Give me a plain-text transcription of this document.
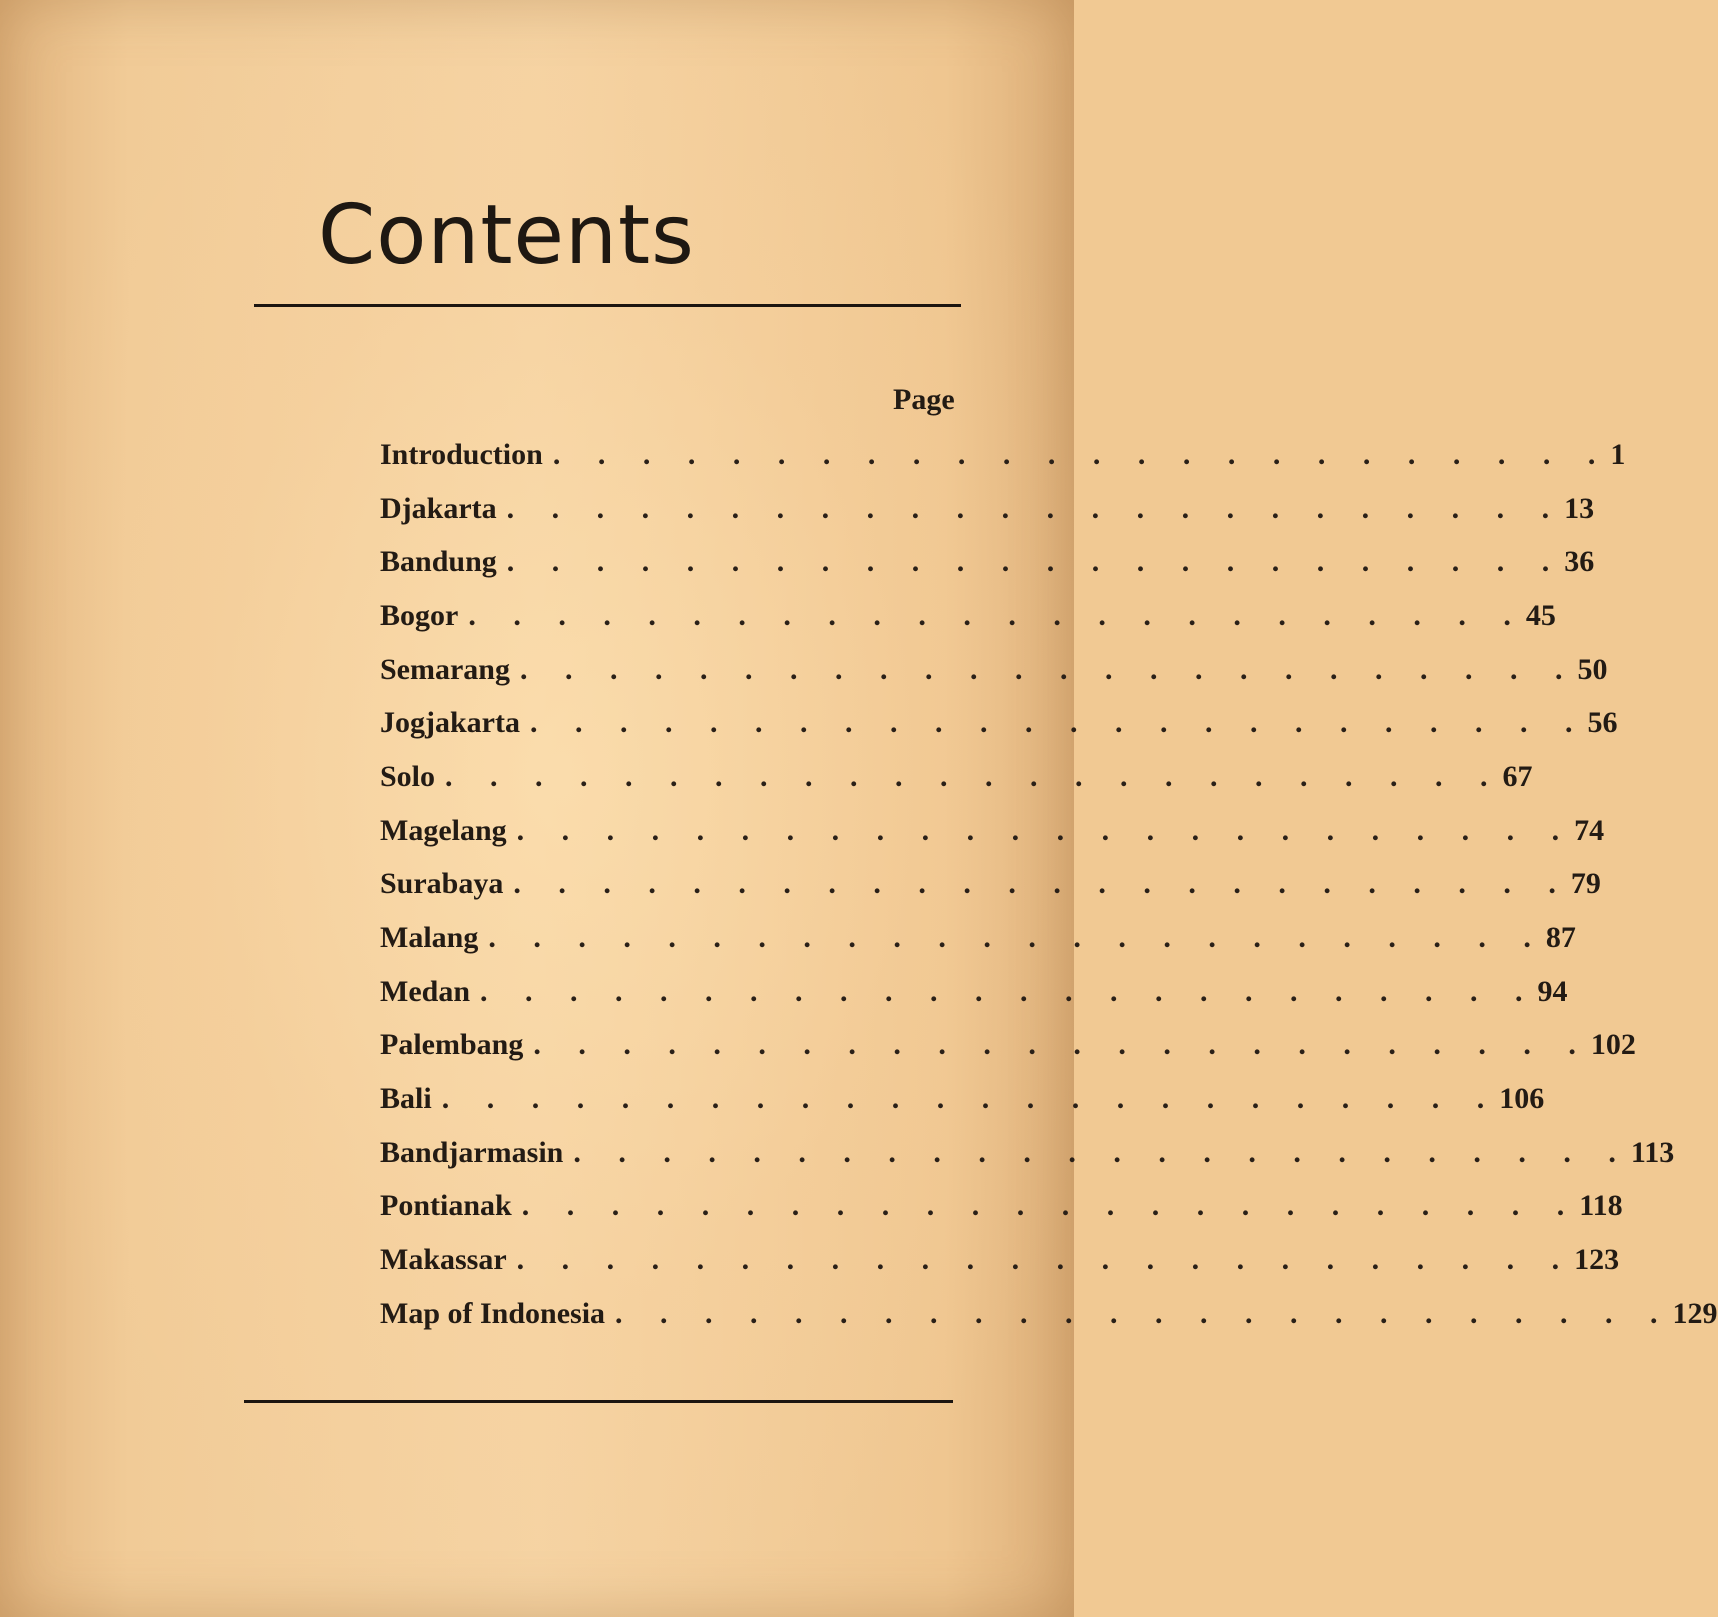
Contents
Page
Introduction . . . . . . . . . . . . . . . . . . . . . . . . 1
Djakarta . . . . . . . . . . . . . . . . . . . . . . . . 13
Bandung . . . . . . . . . . . . . . . . . . . . . . . . 36
Bogor . . . . . . . . . . . . . . . . . . . . . . . . 45
Semarang . . . . . . . . . . . . . . . . . . . . . . . . 50
Jogjakarta . . . . . . . . . . . . . . . . . . . . . . . . 56
Solo . . . . . . . . . . . . . . . . . . . . . . . . 67
Magelang . . . . . . . . . . . . . . . . . . . . . . . . 74
Surabaya . . . . . . . . . . . . . . . . . . . . . . . . 79
Malang . . . . . . . . . . . . . . . . . . . . . . . . 87
Medan . . . . . . . . . . . . . . . . . . . . . . . . 94
Palembang . . . . . . . . . . . . . . . . . . . . . . . . 102
Bali . . . . . . . . . . . . . . . . . . . . . . . . 106
Bandjarmasin . . . . . . . . . . . . . . . . . . . . . . . . 113
Pontianak . . . . . . . . . . . . . . . . . . . . . . . . 118
Makassar . . . . . . . . . . . . . . . . . . . . . . . . 123
Map of Indonesia . . . . . . . . . . . . . . . . . . . . . . . . 129
